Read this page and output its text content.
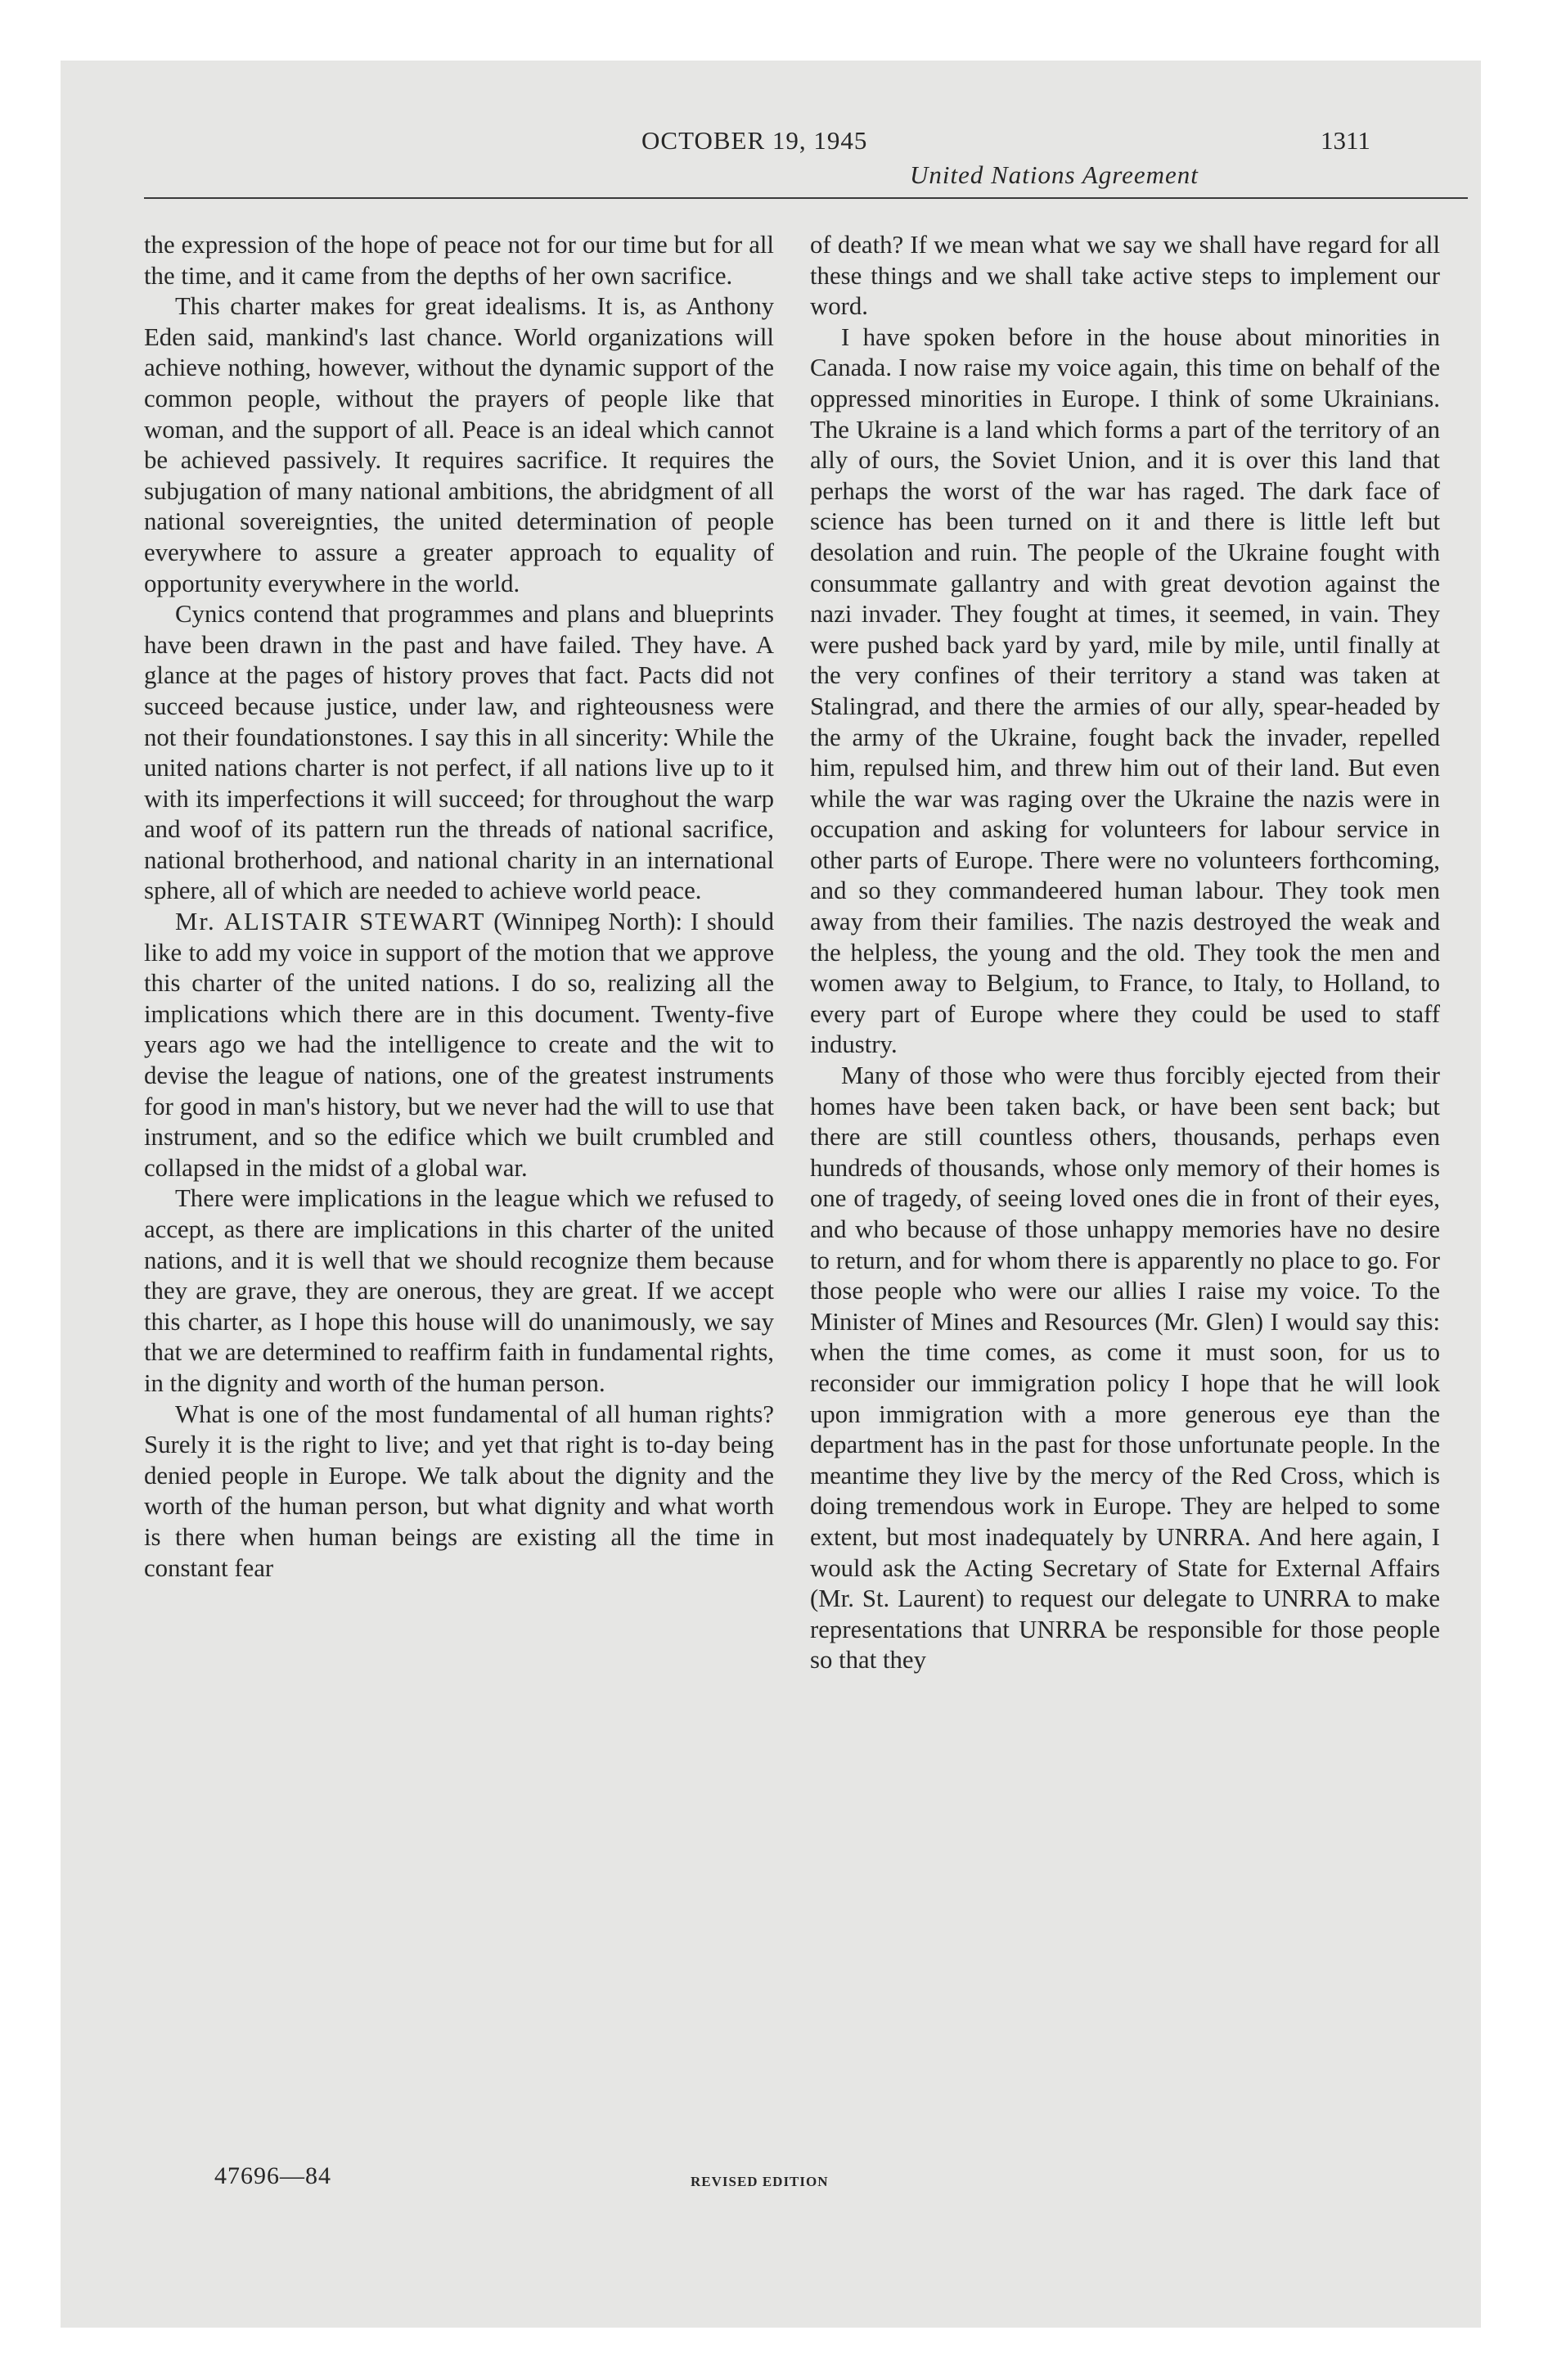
OCTOBER 19, 1945	1311
United Nations Agreement

the expression of the hope of peace not for our time but for all the time, and it came from the depths of her own sacrifice.

This charter makes for great idealisms. It is, as Anthony Eden said, mankind's last chance. World organizations will achieve nothing, however, without the dynamic support of the common people, without the prayers of people like that woman, and the support of all. Peace is an ideal which cannot be achieved passively. It requires sacrifice. It requires the subjugation of many national ambitions, the abridgment of all national sovereignties, the united determination of people everywhere to assure a greater approach to equality of opportunity everywhere in the world.

Cynics contend that programmes and plans and blueprints have been drawn in the past and have failed. They have. A glance at the pages of history proves that fact. Pacts did not succeed because justice, under law, and righteousness were not their foundationstones. I say this in all sincerity: While the united nations charter is not perfect, if all nations live up to it with its imperfections it will succeed; for throughout the warp and woof of its pattern run the threads of national sacrifice, national brotherhood, and national charity in an international sphere, all of which are needed to achieve world peace.

Mr. ALISTAIR STEWART (Winnipeg North): I should like to add my voice in support of the motion that we approve this charter of the united nations. I do so, realizing all the implications which there are in this document. Twenty-five years ago we had the intelligence to create and the wit to devise the league of nations, one of the greatest instruments for good in man's history, but we never had the will to use that instrument, and so the edifice which we built crumbled and collapsed in the midst of a global war.

There were implications in the league which we refused to accept, as there are implications in this charter of the united nations, and it is well that we should recognize them because they are grave, they are onerous, they are great. If we accept this charter, as I hope this house will do unanimously, we say that we are determined to reaffirm faith in fundamental rights, in the dignity and worth of the human person.

What is one of the most fundamental of all human rights? Surely it is the right to live; and yet that right is to-day being denied people in Europe. We talk about the dignity and the worth of the human person, but what dignity and what worth is there when human beings are existing all the time in constant fear

of death? If we mean what we say we shall have regard for all these things and we shall take active steps to implement our word.

I have spoken before in the house about minorities in Canada. I now raise my voice again, this time on behalf of the oppressed minorities in Europe. I think of some Ukrainians. The Ukraine is a land which forms a part of the territory of an ally of ours, the Soviet Union, and it is over this land that perhaps the worst of the war has raged. The dark face of science has been turned on it and there is little left but desolation and ruin. The people of the Ukraine fought with consummate gallantry and with great devotion against the nazi invader. They fought at times, it seemed, in vain. They were pushed back yard by yard, mile by mile, until finally at the very confines of their territory a stand was taken at Stalingrad, and there the armies of our ally, spear-headed by the army of the Ukraine, fought back the invader, repelled him, repulsed him, and threw him out of their land. But even while the war was raging over the Ukraine the nazis were in occupation and asking for volunteers for labour service in other parts of Europe. There were no volunteers forthcoming, and so they commandeered human labour. They took men away from their families. The nazis destroyed the weak and the helpless, the young and the old. They took the men and women away to Belgium, to France, to Italy, to Holland, to every part of Europe where they could be used to staff industry.

Many of those who were thus forcibly ejected from their homes have been taken back, or have been sent back; but there are still countless others, thousands, perhaps even hundreds of thousands, whose only memory of their homes is one of tragedy, of seeing loved ones die in front of their eyes, and who because of those unhappy memories have no desire to return, and for whom there is apparently no place to go. For those people who were our allies I raise my voice. To the Minister of Mines and Resources (Mr. Glen) I would say this: when the time comes, as come it must soon, for us to reconsider our immigration policy I hope that he will look upon immigration with a more generous eye than the department has in the past for those unfortunate people. In the meantime they live by the mercy of the Red Cross, which is doing tremendous work in Europe. They are helped to some extent, but most inadequately by UNRRA. And here again, I would ask the Acting Secretary of State for External Affairs (Mr. St. Laurent) to request our delegate to UNRRA to make representations that UNRRA be responsible for those people so that they

47696—84	REVISED EDITION
